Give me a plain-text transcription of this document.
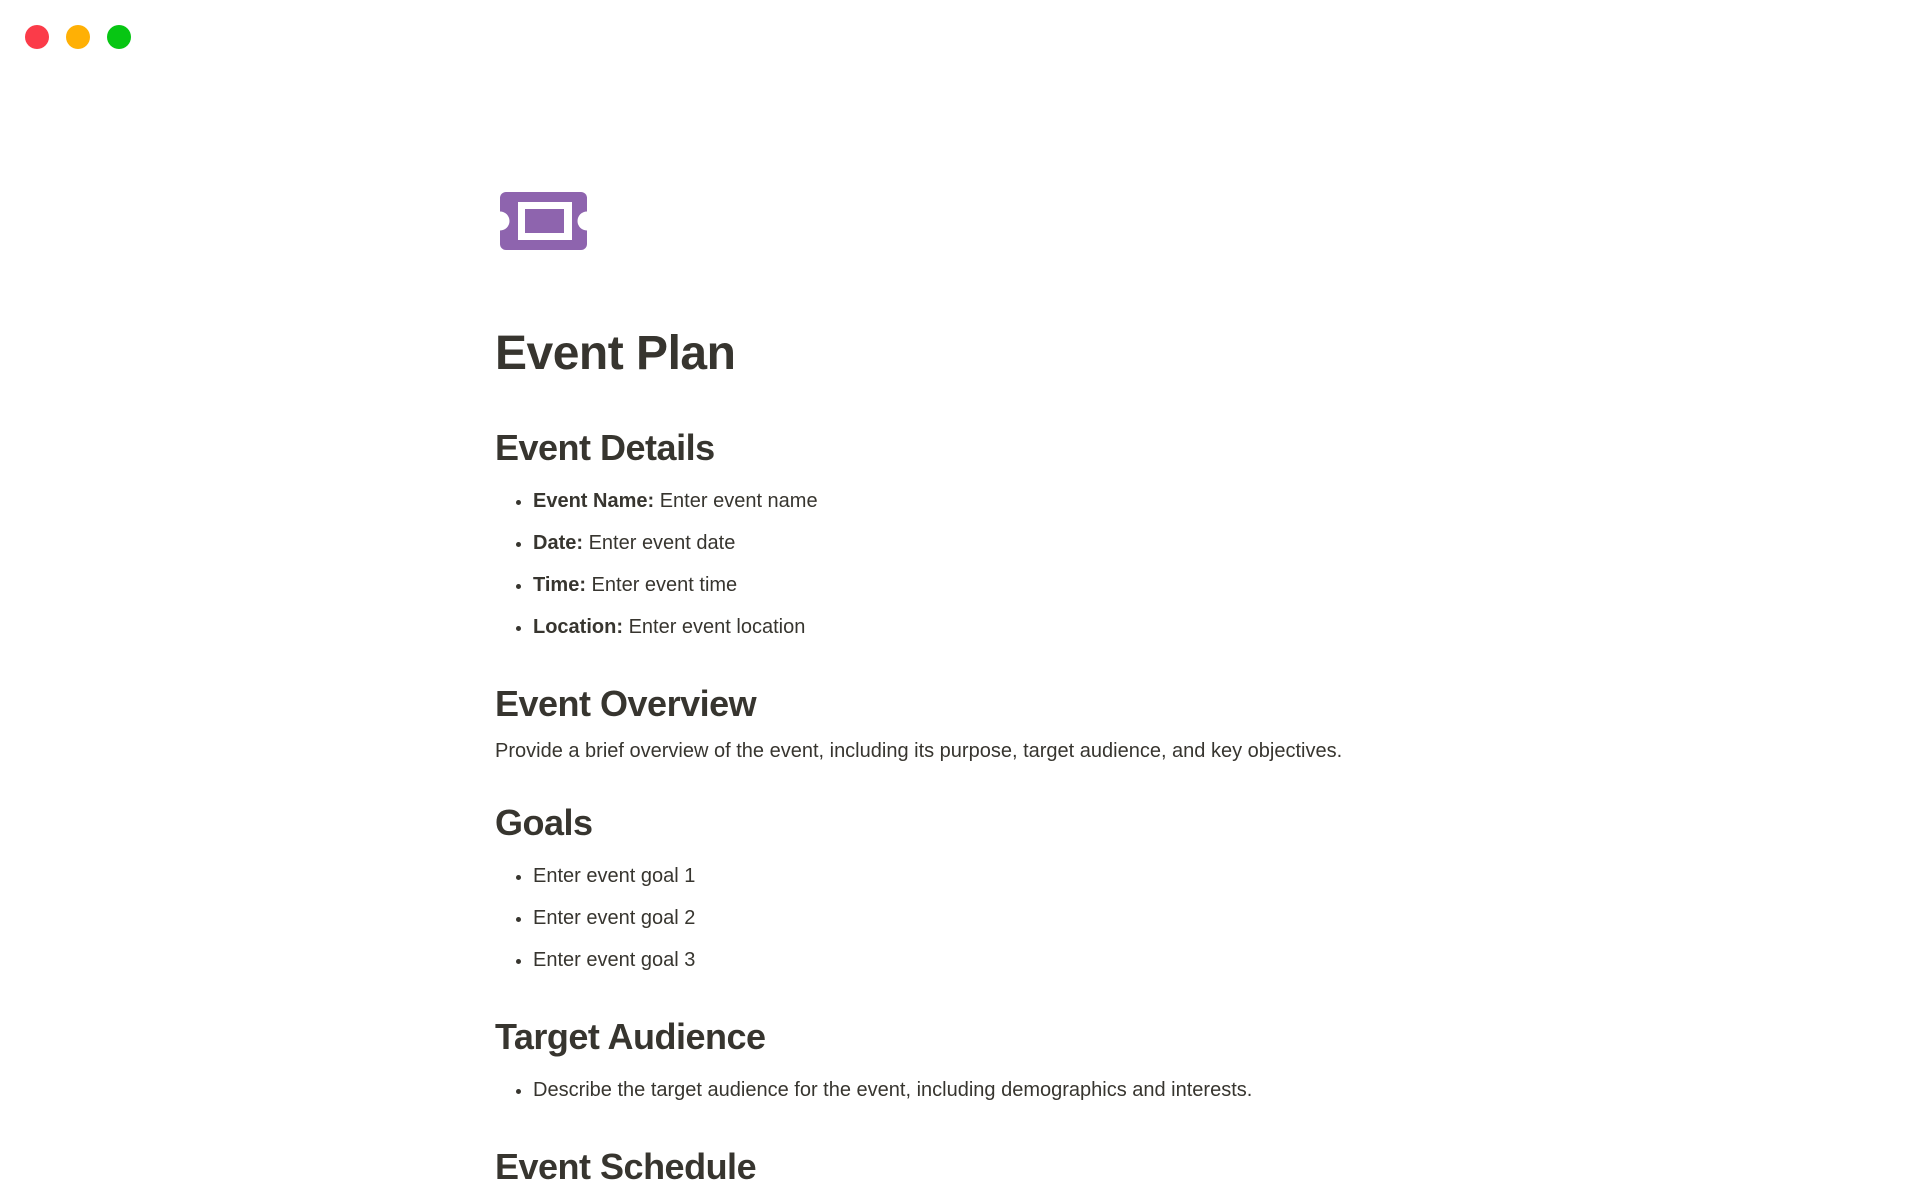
Event Plan
Event Details
• Event Name: Enter event name
• Date: Enter event date
• Time: Enter event time
• Location: Enter event location
Event Overview

Provide a brief overview of the event, including its purpose, target audience, and key objectives.

Goals
• Enter event goal 1
• Enter event goal 2
• Enter event goal 3
Target Audience
• Describe the target audience for the event, including demographics and interests.
Event Schedule
